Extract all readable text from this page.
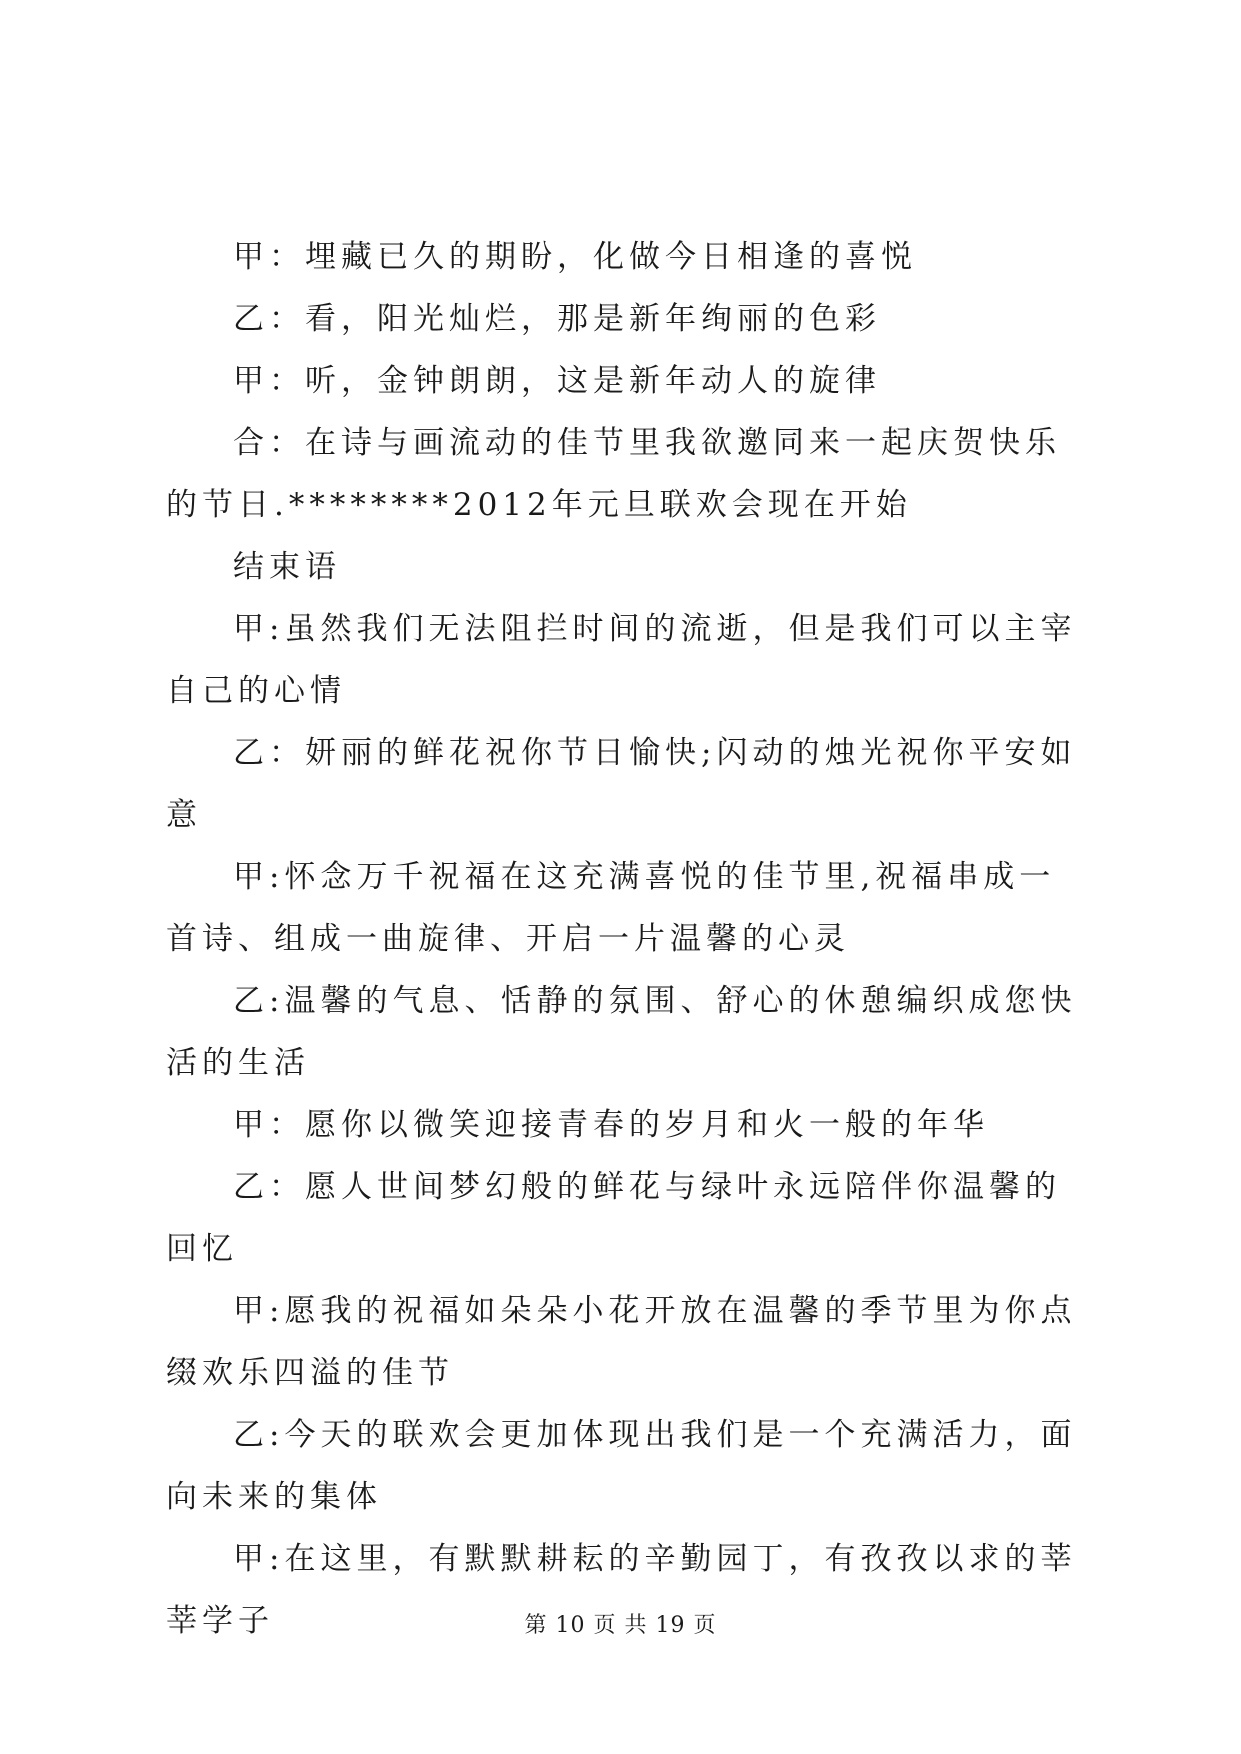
甲：埋藏已久的期盼，化做今日相逢的喜悦

乙：看，阳光灿烂，那是新年绚丽的色彩

甲：听，金钟朗朗，这是新年动人的旋律

合：在诗与画流动的佳节里我欲邀同来一起庆贺快乐的节日.********2012年元旦联欢会现在开始

结束语

甲:虽然我们无法阻拦时间的流逝，但是我们可以主宰自己的心情

乙：妍丽的鲜花祝你节日愉快;闪动的烛光祝你平安如意

甲:怀念万千祝福在这充满喜悦的佳节里,祝福串成一首诗、组成一曲旋律、开启一片温馨的心灵

乙:温馨的气息、恬静的氛围、舒心的休憩编织成您快活的生活

甲：愿你以微笑迎接青春的岁月和火一般的年华

乙：愿人世间梦幻般的鲜花与绿叶永远陪伴你温馨的回忆

甲:愿我的祝福如朵朵小花开放在温馨的季节里为你点缀欢乐四溢的佳节

乙:今天的联欢会更加体现出我们是一个充满活力，面向未来的集体

甲:在这里，有默默耕耘的辛勤园丁，有孜孜以求的莘莘学子	第 10 页 共 19 页
